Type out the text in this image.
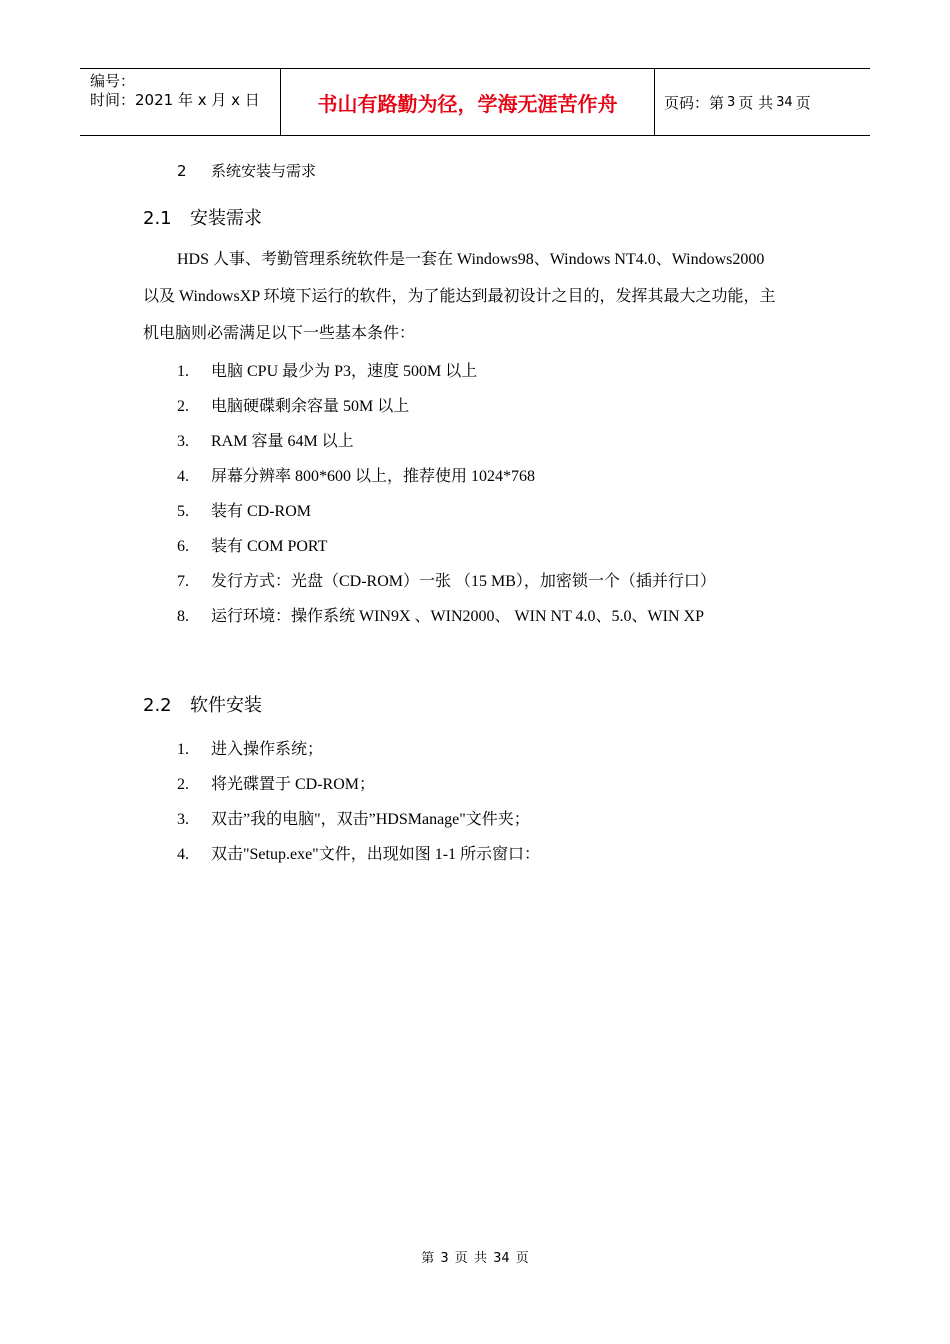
编号：
时间：2021 年 x 月 x 日	书山有路勤为径，学海无涯苦作舟	页码：第 3 页 共 34 页
2 系统安装与需求
2.1 安装需求
HDS 人事、考勤管理系统软件是一套在 Windows98、Windows NT4.0、Windows2000
以及 WindowsXP 环境下运行的软件，为了能达到最初设计之目的，发挥其最大之功能，主
机电脑则必需满足以下一些基本条件：
1. 电脑 CPU 最少为 P3，速度 500M 以上
2. 电脑硬碟剩余容量 50M 以上
3. RAM 容量 64M 以上
4. 屏幕分辨率 800*600 以上，推荐使用 1024*768
5. 装有 CD-ROM
6. 装有 COM PORT
7. 发行方式：光盘（CD-ROM）一张 （15 MB），加密锁一个（插并行口）
8. 运行环境：操作系统 WIN9X 、WIN2000、 WIN NT 4.0、5.0、WIN XP
2.2 软件安装
1. 进入操作系统；
2. 将光碟置于 CD-ROM；
3. 双击”我的电脑"，双击”HDSManage"文件夹；
4. 双击"Setup.exe"文件，出现如图 1-1 所示窗口：
第 3 页 共 34 页
